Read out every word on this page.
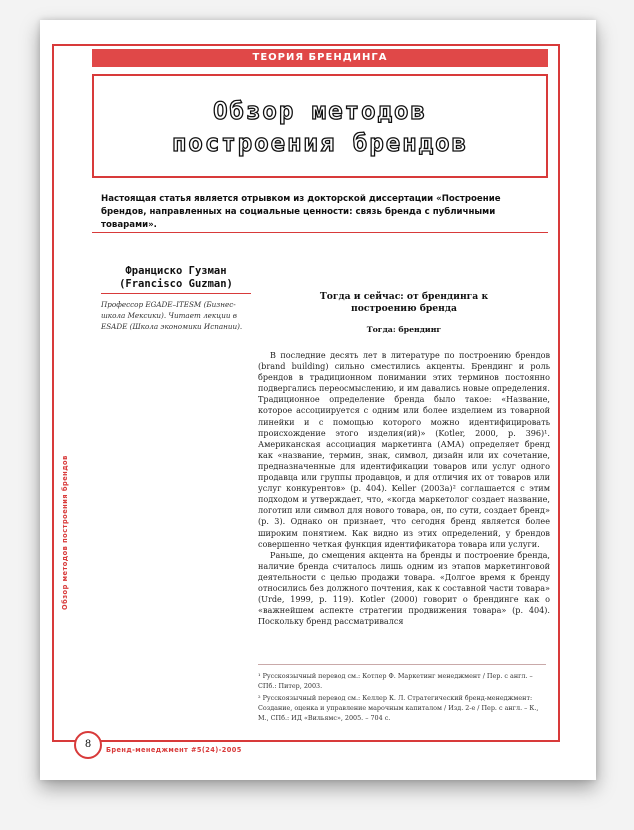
ТЕОРИЯ БРЕНДИНГА
Обзор методов
построения брендов
Настоящая статья является отрывком из докторской диссертации «Построение брендов, направленных на социальные ценности: связь бренда с публичными товарами».
Франциско Гузман
(Francisco Guzman)
Профессор EGADE–ITESM (Бизнес-школа Мексики). Читает лекции в ESADE (Школа экономики Испании).
Тогда и сейчас: от брендинга к построению бренда
Тогда: брендинг

В последние десять лет в литературе по построению брендов (brand building) сильно сместились акценты. Брендинг и роль брендов в традиционном понимании этих терминов постоянно подвергались переосмыслению, и им давались новые определения. Традиционное определение бренда было такое: «Название, которое ассоциируется с одним или более изделием из товарной линейки и с помощью которого можно идентифицировать происхождение этого изделия(ий)» (Kotler, 2000, р. 396)¹. Американская ассоциация маркетинга (АМА) определяет бренд как «название, термин, знак, символ, дизайн или их сочетание, предназначенные для идентификации товаров или услуг одного продавца или группы продавцов, и для отличия их от товаров или услуг конкурентов» (р. 404). Keller (2003a)² соглашается с этим подходом и утверждает, что, «когда маркетолог создает название, логотип или символ для нового товара, он, по сути, создает бренд» (р. 3). Однако он признает, что сегодня бренд является более широким понятием. Как видно из этих определений, у брендов совершенно четкая функция идентификатора товара или услуги.

Раньше, до смещения акцента на бренды и построение бренда, наличие бренда считалось лишь одним из этапов маркетинговой деятельности с целью продажи товара. «Долгое время к бренду относились без должного почтения, как к составной части товара» (Urde, 1999, р. 119). Kotler (2000) говорит о брендинге как о «важнейшем аспекте стратегии продвижения товара» (р. 404). Поскольку бренд рассматривался

¹ Русскоязычный перевод см.: Котлер Ф. Маркетинг менеджмент / Пер. с англ. – СПб.: Питер, 2003.

² Русскоязычный перевод см.: Келлер К. Л. Стратегический бренд-менеджмент: Создание, оценка и управление марочным капиталом / Изд. 2-е / Пер. с англ. – К., М., СПб.: ИД «Вильямс», 2005. – 704 с.

Обзор методов построения брендов
8	Бренд-менеджмент #5(24)-2005
